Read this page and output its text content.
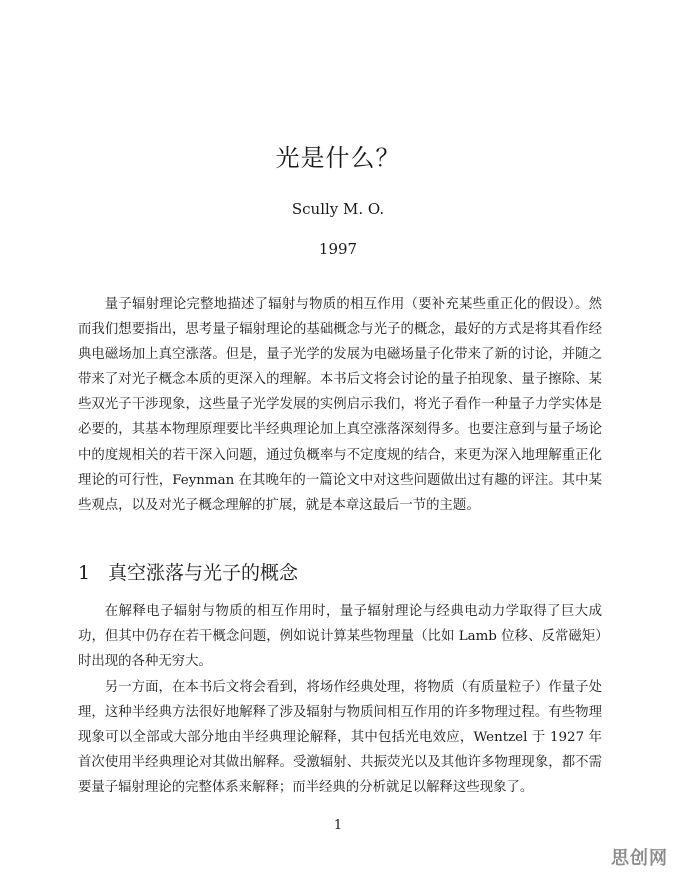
光是什么？
Scully M. O.
1997

量子辐射理论完整地描述了辐射与物质的相互作用（要补充某些重正化的假设）。然而我们想要指出，思考量子辐射理论的基础概念与光子的概念，最好的方式是将其看作经典电磁场加上真空涨落。但是，量子光学的发展为电磁场量子化带来了新的讨论，并随之带来了对光子概念本质的更深入的理解。本书后文将会讨论的量子拍现象、量子擦除、某些双光子干涉现象，这些量子光学发展的实例启示我们，将光子看作一种量子力学实体是必要的，其基本物理原理要比半经典理论加上真空涨落深刻得多。也要注意到与量子场论中的度规相关的若干深入问题，通过负概率与不定度规的结合，来更为深入地理解重正化理论的可行性，Feynman 在其晚年的一篇论文中对这些问题做出过有趣的评注。其中某些观点，以及对光子概念理解的扩展，就是本章这最后一节的主题。

1 真空涨落与光子的概念

在解释电子辐射与物质的相互作用时，量子辐射理论与经典电动力学取得了巨大成功，但其中仍存在若干概念问题，例如说计算某些物理量（比如 Lamb 位移、反常磁矩）时出现的各种无穷大。

另一方面，在本书后文将会看到，将场作经典处理，将物质（有质量粒子）作量子处理，这种半经典方法很好地解释了涉及辐射与物质间相互作用的许多物理过程。有些物理现象可以全部或大部分地由半经典理论解释，其中包括光电效应，Wentzel 于 1927 年首次使用半经典理论对其做出解释。受激辐射、共振荧光以及其他许多物理现象，都不需要量子辐射理论的完整体系来解释；而半经典的分析就足以解释这些现象了。

1
思创网
